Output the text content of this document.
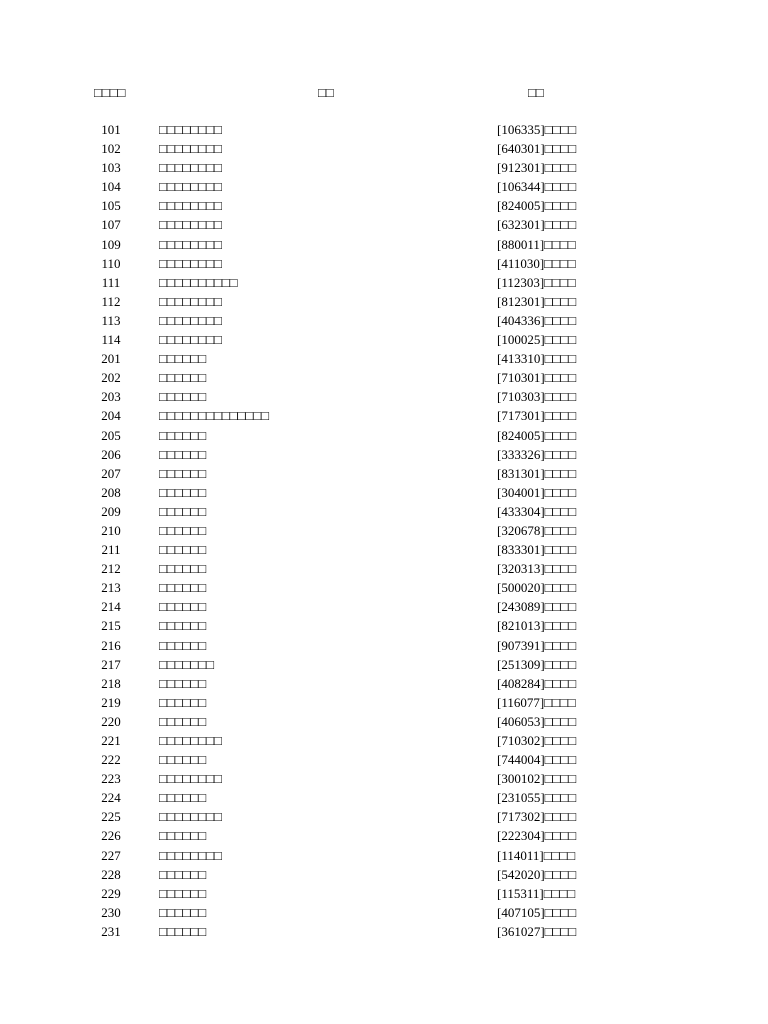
□□□□	□□	□□
101	□□□□□□□□	[106335]□□□□
102	□□□□□□□□	[640301]□□□□
103	□□□□□□□□	[912301]□□□□
104	□□□□□□□□	[106344]□□□□
105	□□□□□□□□	[824005]□□□□
107	□□□□□□□□	[632301]□□□□
109	□□□□□□□□	[880011]□□□□
110	□□□□□□□□	[411030]□□□□
111	□□□□□□□□□□	[112303]□□□□
112	□□□□□□□□	[812301]□□□□
113	□□□□□□□□	[404336]□□□□
114	□□□□□□□□	[100025]□□□□
201	□□□□□□	[413310]□□□□
202	□□□□□□	[710301]□□□□
203	□□□□□□	[710303]□□□□
204	□□□□□□□□□□□□□□	[717301]□□□□
205	□□□□□□	[824005]□□□□
206	□□□□□□	[333326]□□□□
207	□□□□□□	[831301]□□□□
208	□□□□□□	[304001]□□□□
209	□□□□□□	[433304]□□□□
210	□□□□□□	[320678]□□□□
211	□□□□□□	[833301]□□□□
212	□□□□□□	[320313]□□□□
213	□□□□□□	[500020]□□□□
214	□□□□□□	[243089]□□□□
215	□□□□□□	[821013]□□□□
216	□□□□□□	[907391]□□□□
217	□□□□□□□	[251309]□□□□
218	□□□□□□	[408284]□□□□
219	□□□□□□	[116077]□□□□
220	□□□□□□	[406053]□□□□
221	□□□□□□□□	[710302]□□□□
222	□□□□□□	[744004]□□□□
223	□□□□□□□□	[300102]□□□□
224	□□□□□□	[231055]□□□□
225	□□□□□□□□	[717302]□□□□
226	□□□□□□	[222304]□□□□
227	□□□□□□□□	[114011]□□□□
228	□□□□□□	[542020]□□□□
229	□□□□□□	[115311]□□□□
230	□□□□□□	[407105]□□□□
231	□□□□□□	[361027]□□□□
